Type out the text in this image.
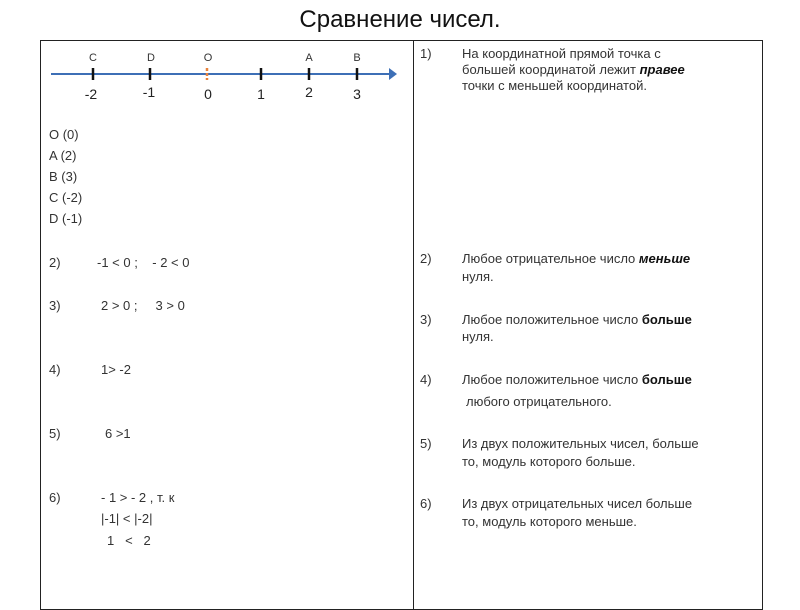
Сравнение чисел.
C	D	O	A	B
-2	-1	0	1	2	3
O (0)
A (2)
B (3)
C (-2)
D (-1)
2)	-1 < 0 ;    - 2 < 0
3)	2 > 0 ;     3 > 0
4)	1> -2
5)	6 >1
6)	- 1 > - 2 , т. к
|-1| < |-2|
1   <   2
1) На координатной прямой точка с
большей координатой лежит правее
точки с меньшей координатой.
2) Любое отрицательное число меньше
нуля.
3) Любое положительное число больше
нуля.
4) Любое положительное число больше
любого отрицательного.
5) Из двух положительных чисел, больше
то, модуль которого больше.
6) Из двух отрицательных чисел больше
то, модуль которого меньше.
